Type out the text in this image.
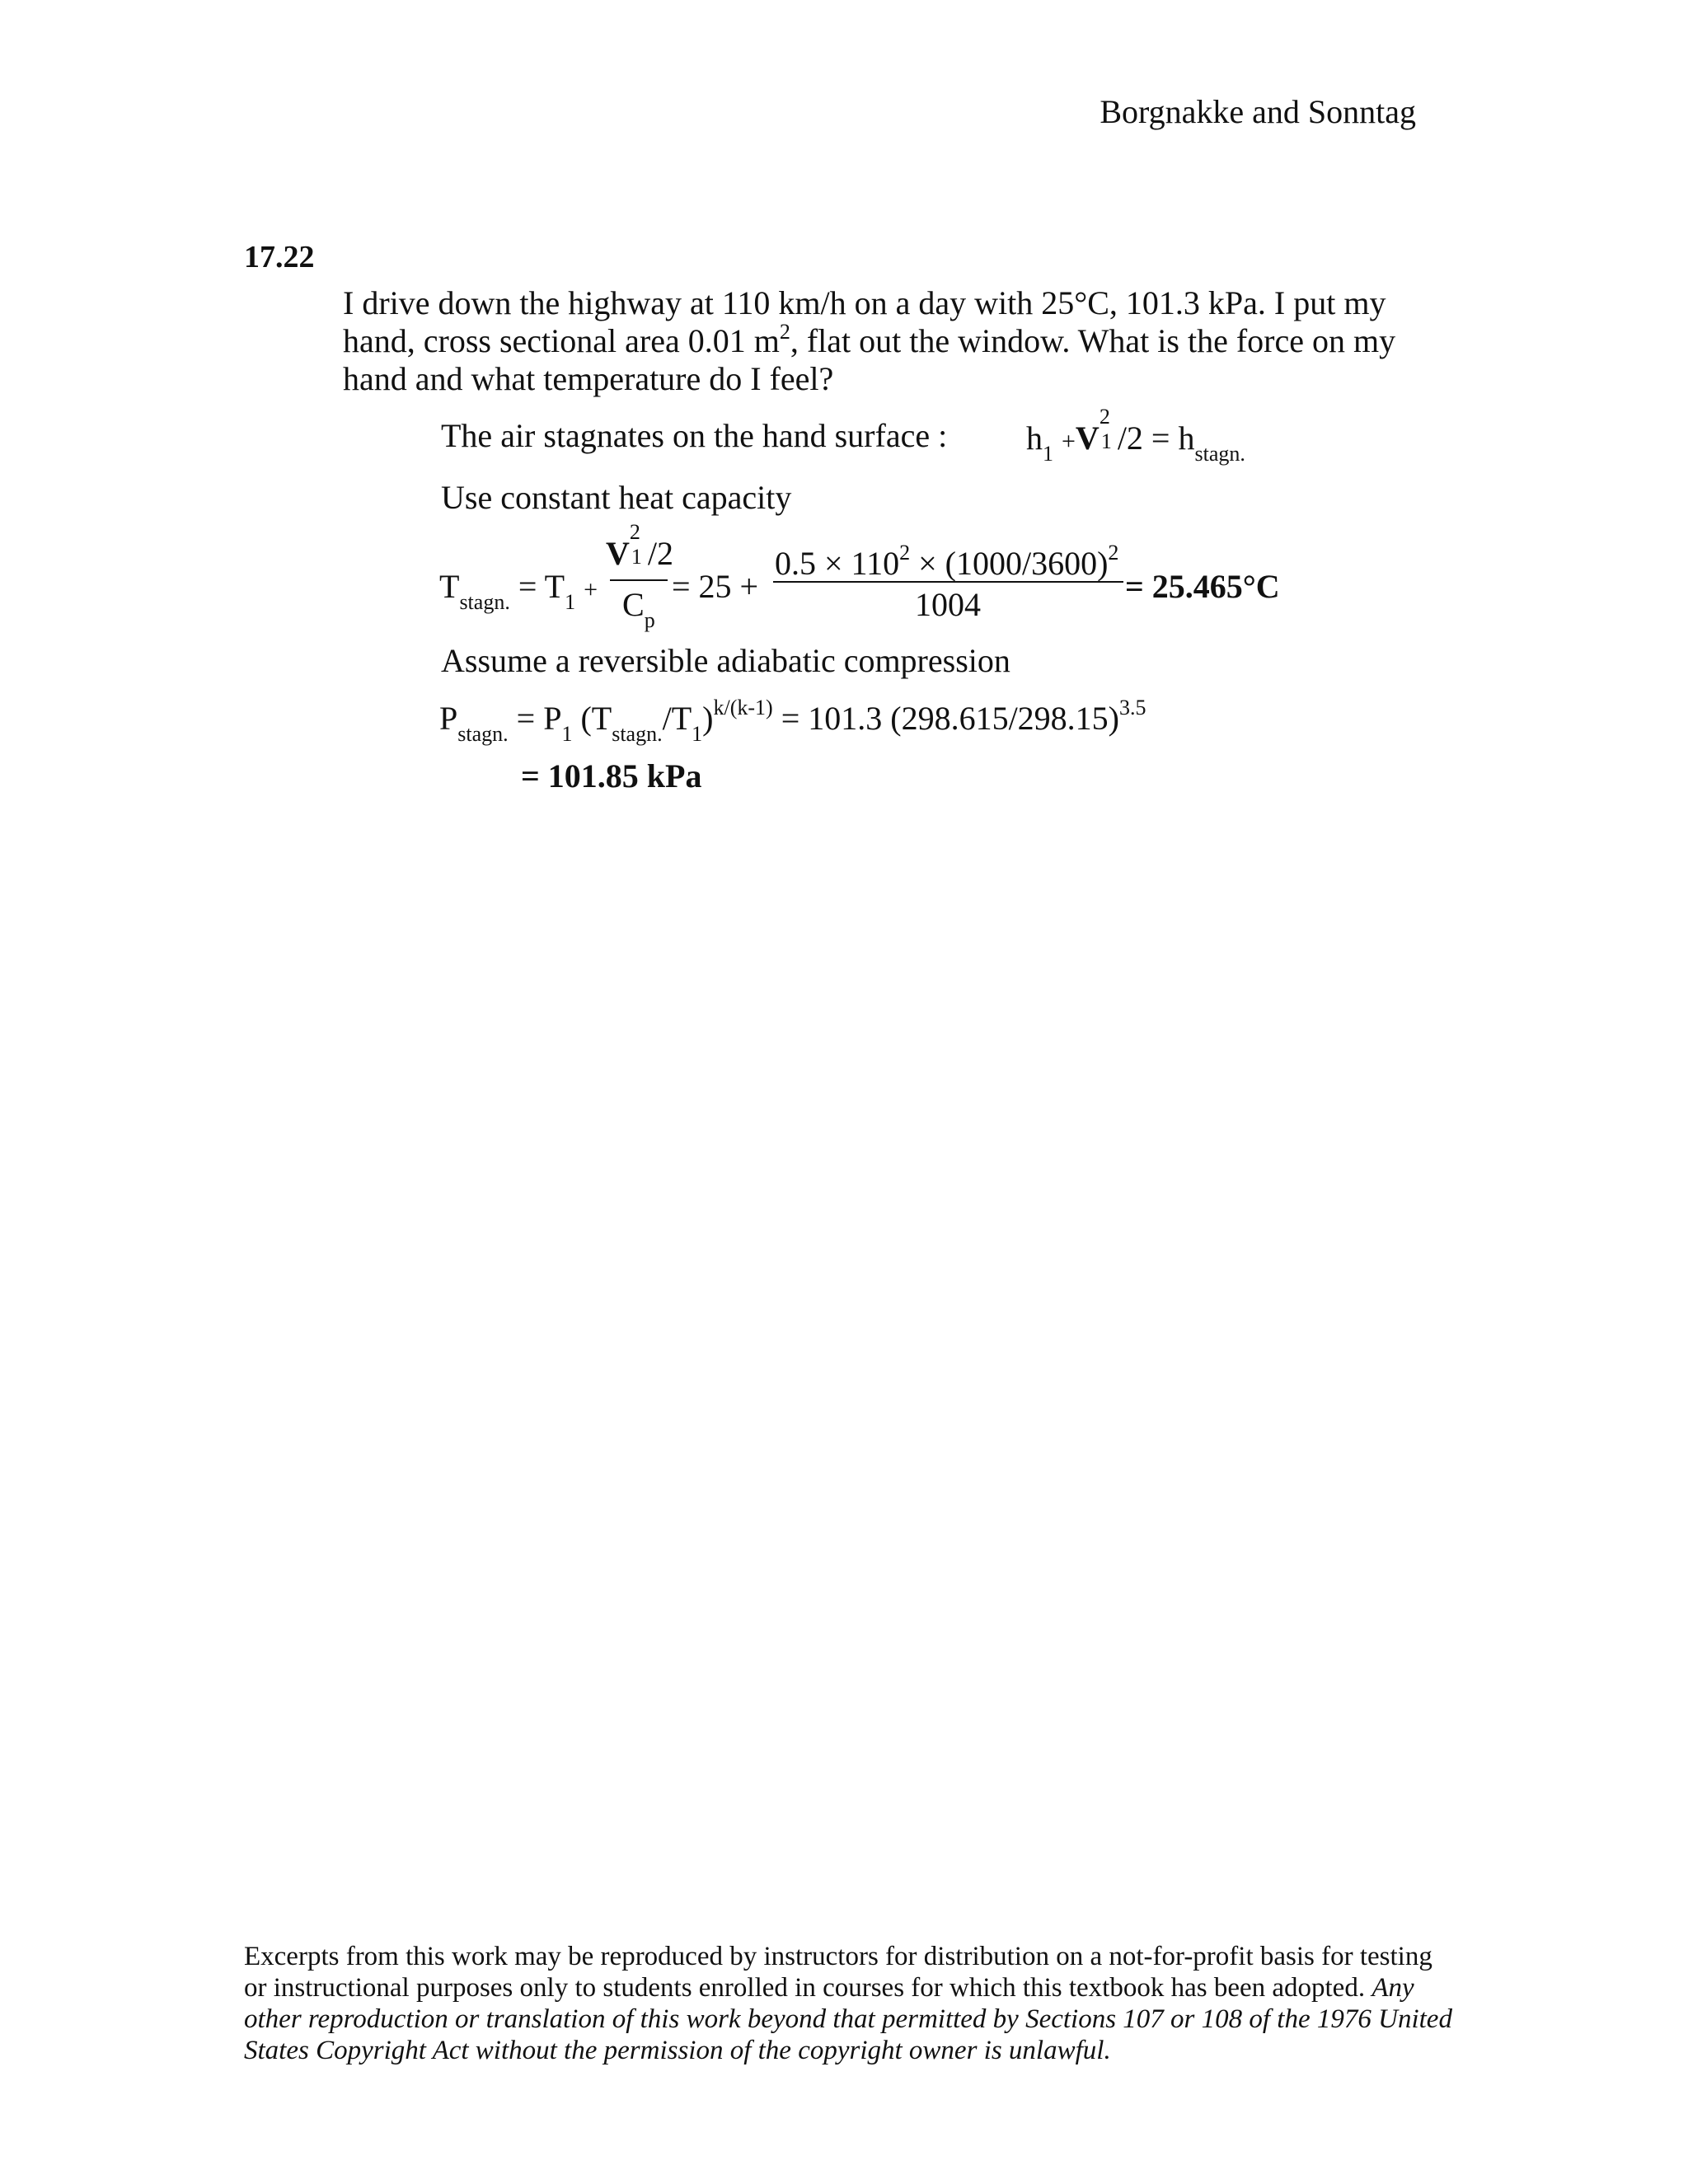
Borgnakke and Sonntag
17.22
I drive down the highway at 110 km/h on a day with 25°C, 101.3 kPa. I put my hand, cross sectional area 0.01 $m^2$, flat out the window. What is the force on my hand and what temperature do I feel?
The air stagnates on the hand surface : $h_1 +V$
2
1 $/2 = h_{stagn.}$
Use constant heat capacity
$T_{stagn.} = T_1$ +
V
2
1 /2
$C_p$
= 25 +
$0.5 \times 110^2 \times (1000/3600)^2$
1004	= 25.465°C
Assume a reversible adiabatic compression
$P_{stagn.} = P_1$ $(T_{stagn.}/T_1)^{k/(k-1)} = 101.3$ $(298.615/298.15)^{3.5}$
= 101.85 kPa
Excerpts from this work may be reproduced by instructors for distribution on a not-for-profit basis for testing or instructional purposes only to students enrolled in courses for which this textbook has been adopted. Any other reproduction or translation of this work beyond that permitted by Sections 107 or 108 of the 1976 United States Copyright Act without the permission of the copyright owner is unlawful.
